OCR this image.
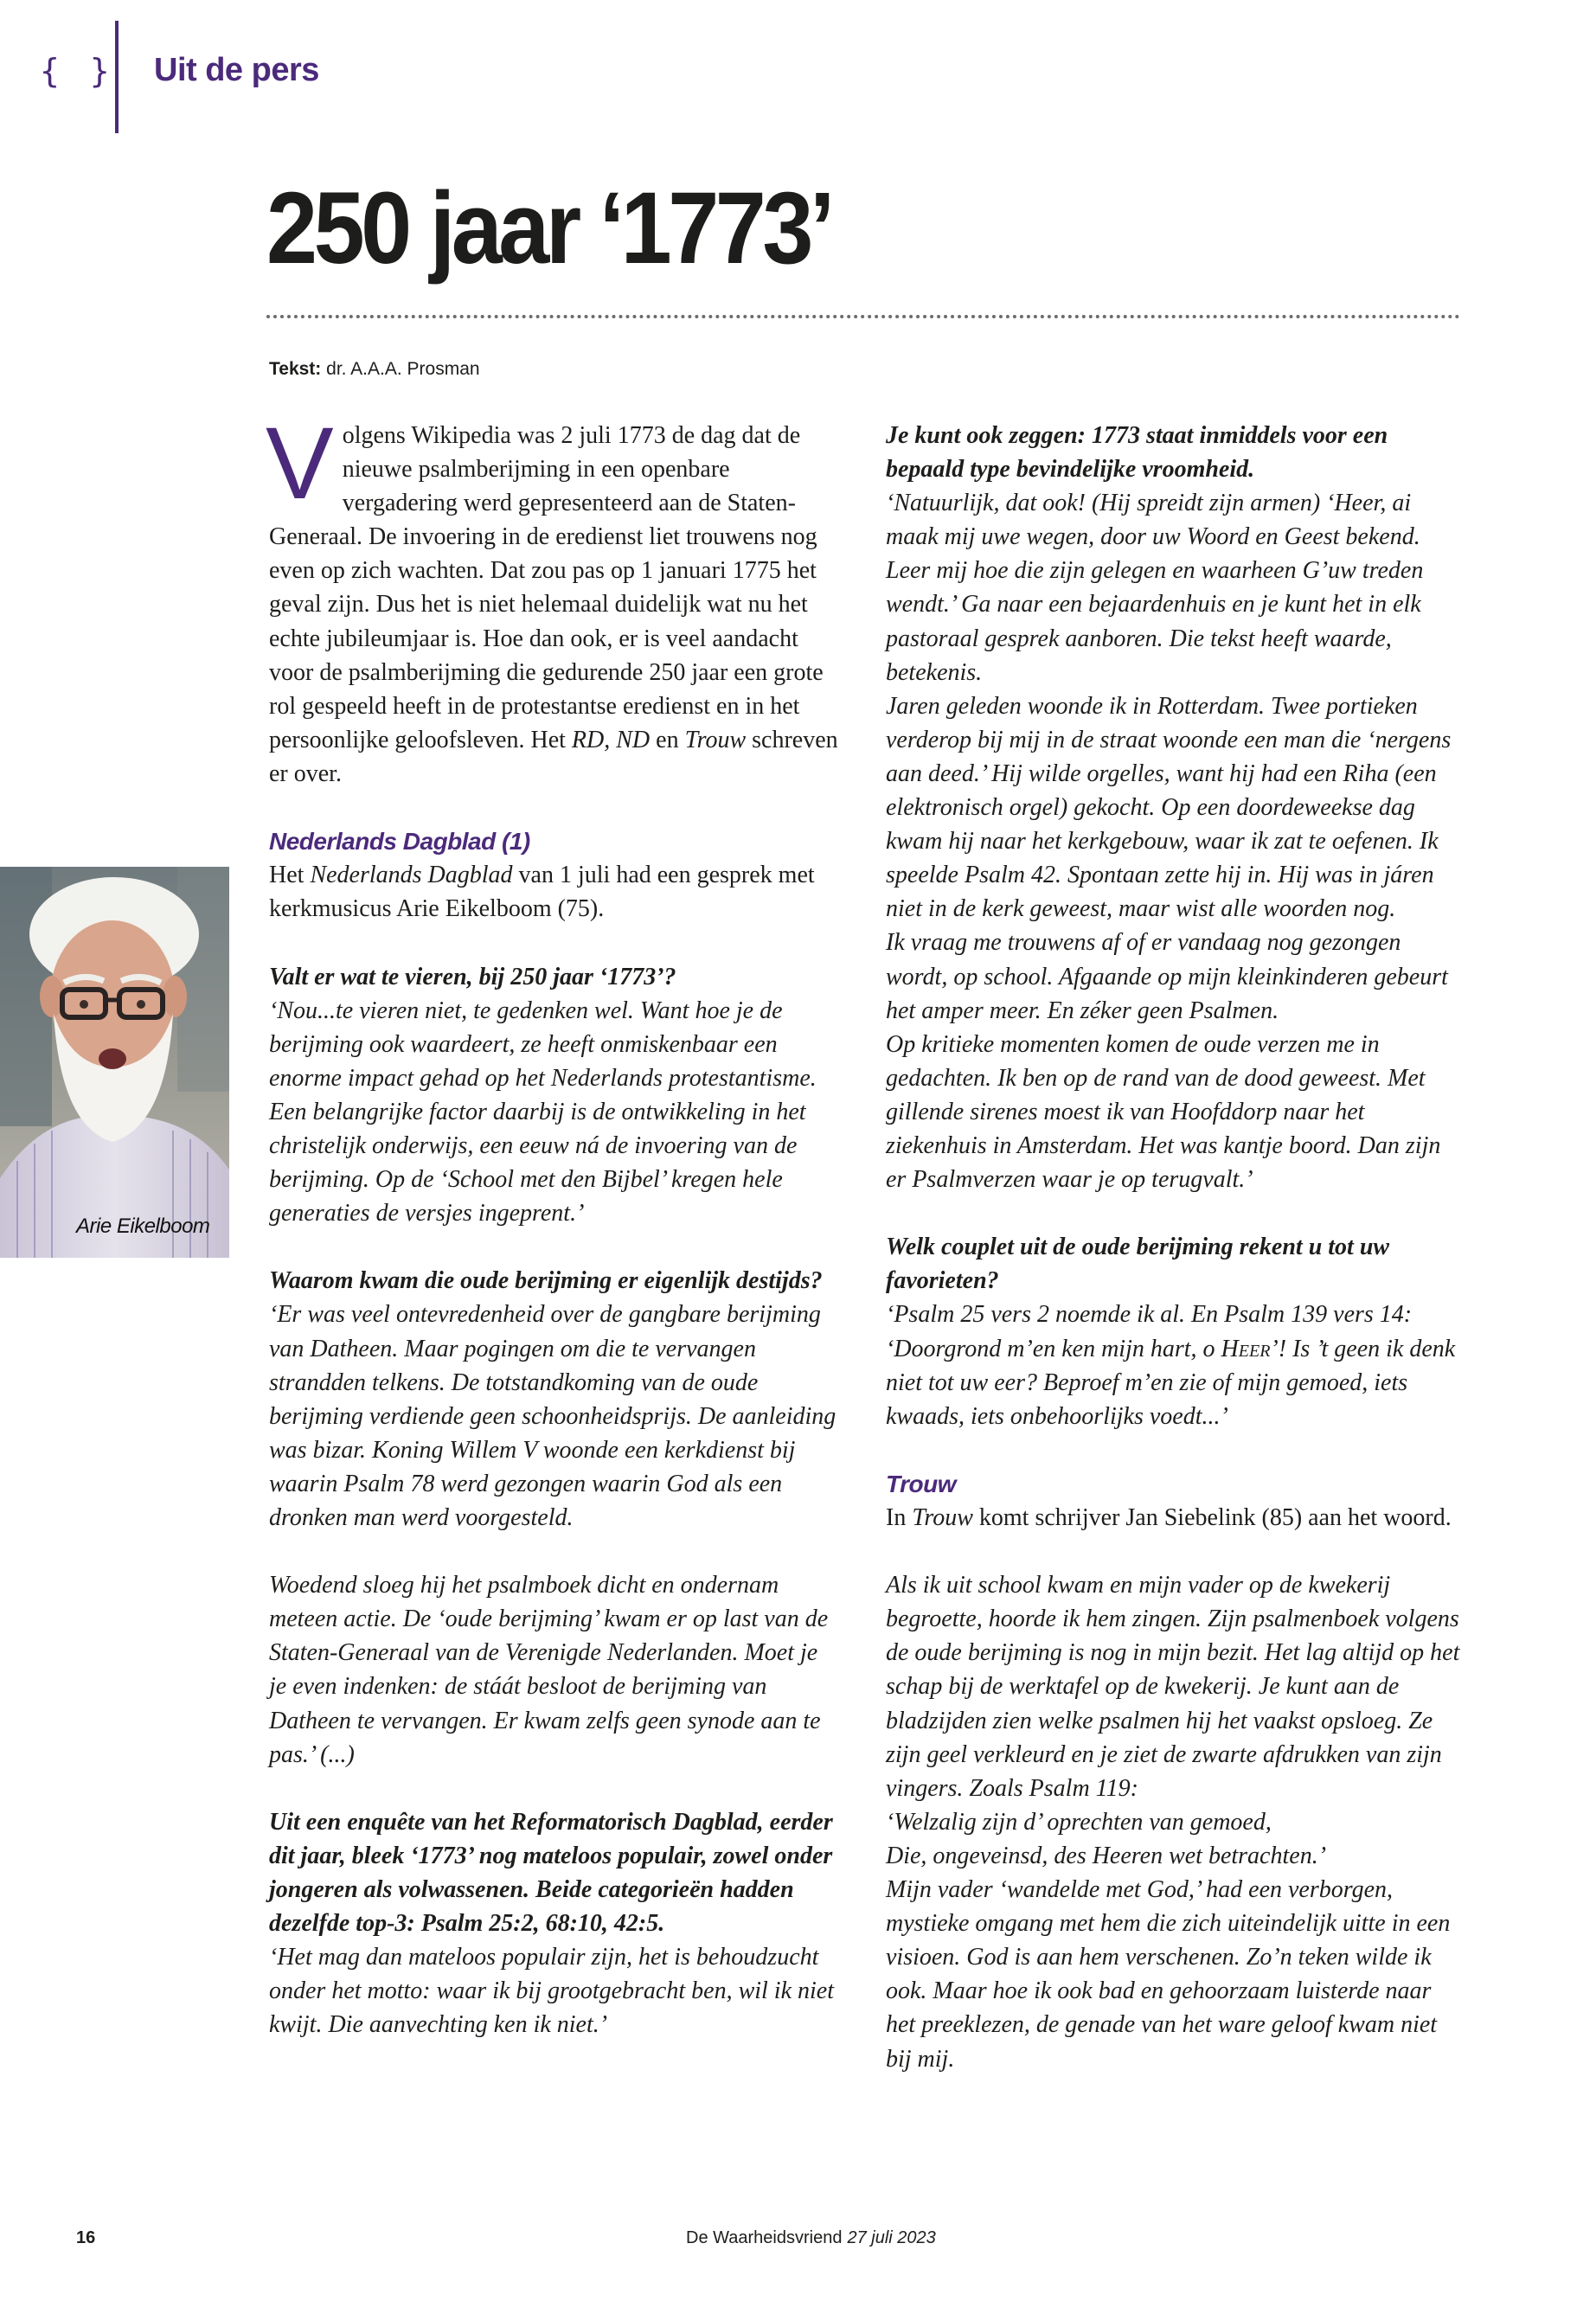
{ } Uit de pers
250 jaar ‘1773’
Tekst: dr. A.A.A. Prosman
Arie Eikelboom

Volgens Wikipedia was 2 juli 1773 de dag dat de nieuwe psalmberijming in een openbare vergadering werd gepresenteerd aan de Staten-Generaal. De invoering in de eredienst liet trouwens nog even op zich wachten. Dat zou pas op 1 januari 1775 het geval zijn. Dus het is niet helemaal duidelijk wat nu het echte jubileumjaar is. Hoe dan ook, er is veel aandacht voor de psalmberijming die gedurende 250 jaar een grote rol gespeeld heeft in de protestantse eredienst en in het persoonlijke geloofsleven. Het RD, ND en Trouw schreven er over.

Nederlands Dagblad (1)

Het Nederlands Dagblad van 1 juli had een gesprek met kerkmusicus Arie Eikelboom (75).

Valt er wat te vieren, bij 250 jaar ‘1773’?

‘Nou...te vieren niet, te gedenken wel. Want hoe je de berijming ook waardeert, ze heeft onmiskenbaar een enorme impact gehad op het Nederlands protestantisme. Een belangrijke factor daarbij is de ontwikkeling in het christelijk onderwijs, een eeuw ná de invoering van de berijming. Op de ‘School met den Bijbel’ kregen hele generaties de versjes ingeprent.’

Waarom kwam die oude berijming er eigenlijk destijds?

‘Er was veel ontevredenheid over de gangbare berijming van Datheen. Maar pogingen om die te vervangen strandden telkens. De totstandkoming van de oude berijming verdiende geen schoonheidsprijs. De aanleiding was bizar. Koning Willem V woonde een kerkdienst bij waarin Psalm 78 werd gezongen waarin God als een dronken man werd voorgesteld.

Woedend sloeg hij het psalmboek dicht en ondernam meteen actie. De ‘oude berijming’ kwam er op last van de Staten-Generaal van de Verenigde Nederlanden. Moet je je even indenken: de stáát besloot de berijming van Datheen te vervangen. Er kwam zelfs geen synode aan te pas.’ (...)

Uit een enquête van het Reformatorisch Dagblad, eerder dit jaar, bleek ‘1773’ nog mateloos populair, zowel onder jongeren als volwassenen. Beide categorieën hadden dezelfde top-3: Psalm 25:2, 68:10, 42:5.

‘Het mag dan mateloos populair zijn, het is behoudzucht onder het motto: waar ik bij grootgebracht ben, wil ik niet kwijt. Die aanvechting ken ik niet.’

Je kunt ook zeggen: 1773 staat inmiddels voor een bepaald type bevindelijke vroomheid.

‘Natuurlijk, dat ook! (Hij spreidt zijn armen) ‘Heer, ai maak mij uwe wegen, door uw Woord en Geest bekend. Leer mij hoe die zijn gelegen en waarheen G’uw treden wendt.’ Ga naar een bejaardenhuis en je kunt het in elk pastoraal gesprek aanboren. Die tekst heeft waarde, betekenis.

Jaren geleden woonde ik in Rotterdam. Twee portieken verderop bij mij in de straat woonde een man die ‘nergens aan deed.’ Hij wilde orgelles, want hij had een Riha (een elektronisch orgel) gekocht. Op een doordeweekse dag kwam hij naar het kerkgebouw, waar ik zat te oefenen. Ik speelde Psalm 42. Spontaan zette hij in. Hij was in járen niet in de kerk geweest, maar wist alle woorden nog.

Ik vraag me trouwens af of er vandaag nog gezongen wordt, op school. Afgaande op mijn kleinkinderen gebeurt het amper meer. En zéker geen Psalmen.

Op kritieke momenten komen de oude verzen me in gedachten. Ik ben op de rand van de dood geweest. Met gillende sirenes moest ik van Hoofddorp naar het ziekenhuis in Amsterdam. Het was kantje boord. Dan zijn er Psalmverzen waar je op terugvalt.’

Welk couplet uit de oude berijming rekent u tot uw favorieten?

‘Psalm 25 vers 2 noemde ik al. En Psalm 139 vers 14: ‘Doorgrond m’en ken mijn hart, o Heer’! Is ’t geen ik denk niet tot uw eer? Beproef m’en zie of mijn gemoed, iets kwaads, iets onbehoorlijks voedt...’

Trouw

In Trouw komt schrijver Jan Siebelink (85) aan het woord.

Als ik uit school kwam en mijn vader op de kwekerij begroette, hoorde ik hem zingen. Zijn psalmenboek volgens de oude berijming is nog in mijn bezit. Het lag altijd op het schap bij de werktafel op de kwekerij. Je kunt aan de bladzijden zien welke psalmen hij het vaakst opsloeg. Ze zijn geel verkleurd en je ziet de zwarte afdrukken van zijn vingers. Zoals Psalm 119:

‘Welzalig zijn d’ oprechten van gemoed,

Die, ongeveinsd, des Heeren wet betrachten.’

Mijn vader ‘wandelde met God,’ had een verborgen, mystieke omgang met hem die zich uiteindelijk uitte in een visioen. God is aan hem verschenen. Zo’n teken wilde ik ook. Maar hoe ik ook bad en gehoorzaam luisterde naar het preeklezen, de genade van het ware geloof kwam niet bij mij.

16	De Waarheidsvriend 27 juli 2023
